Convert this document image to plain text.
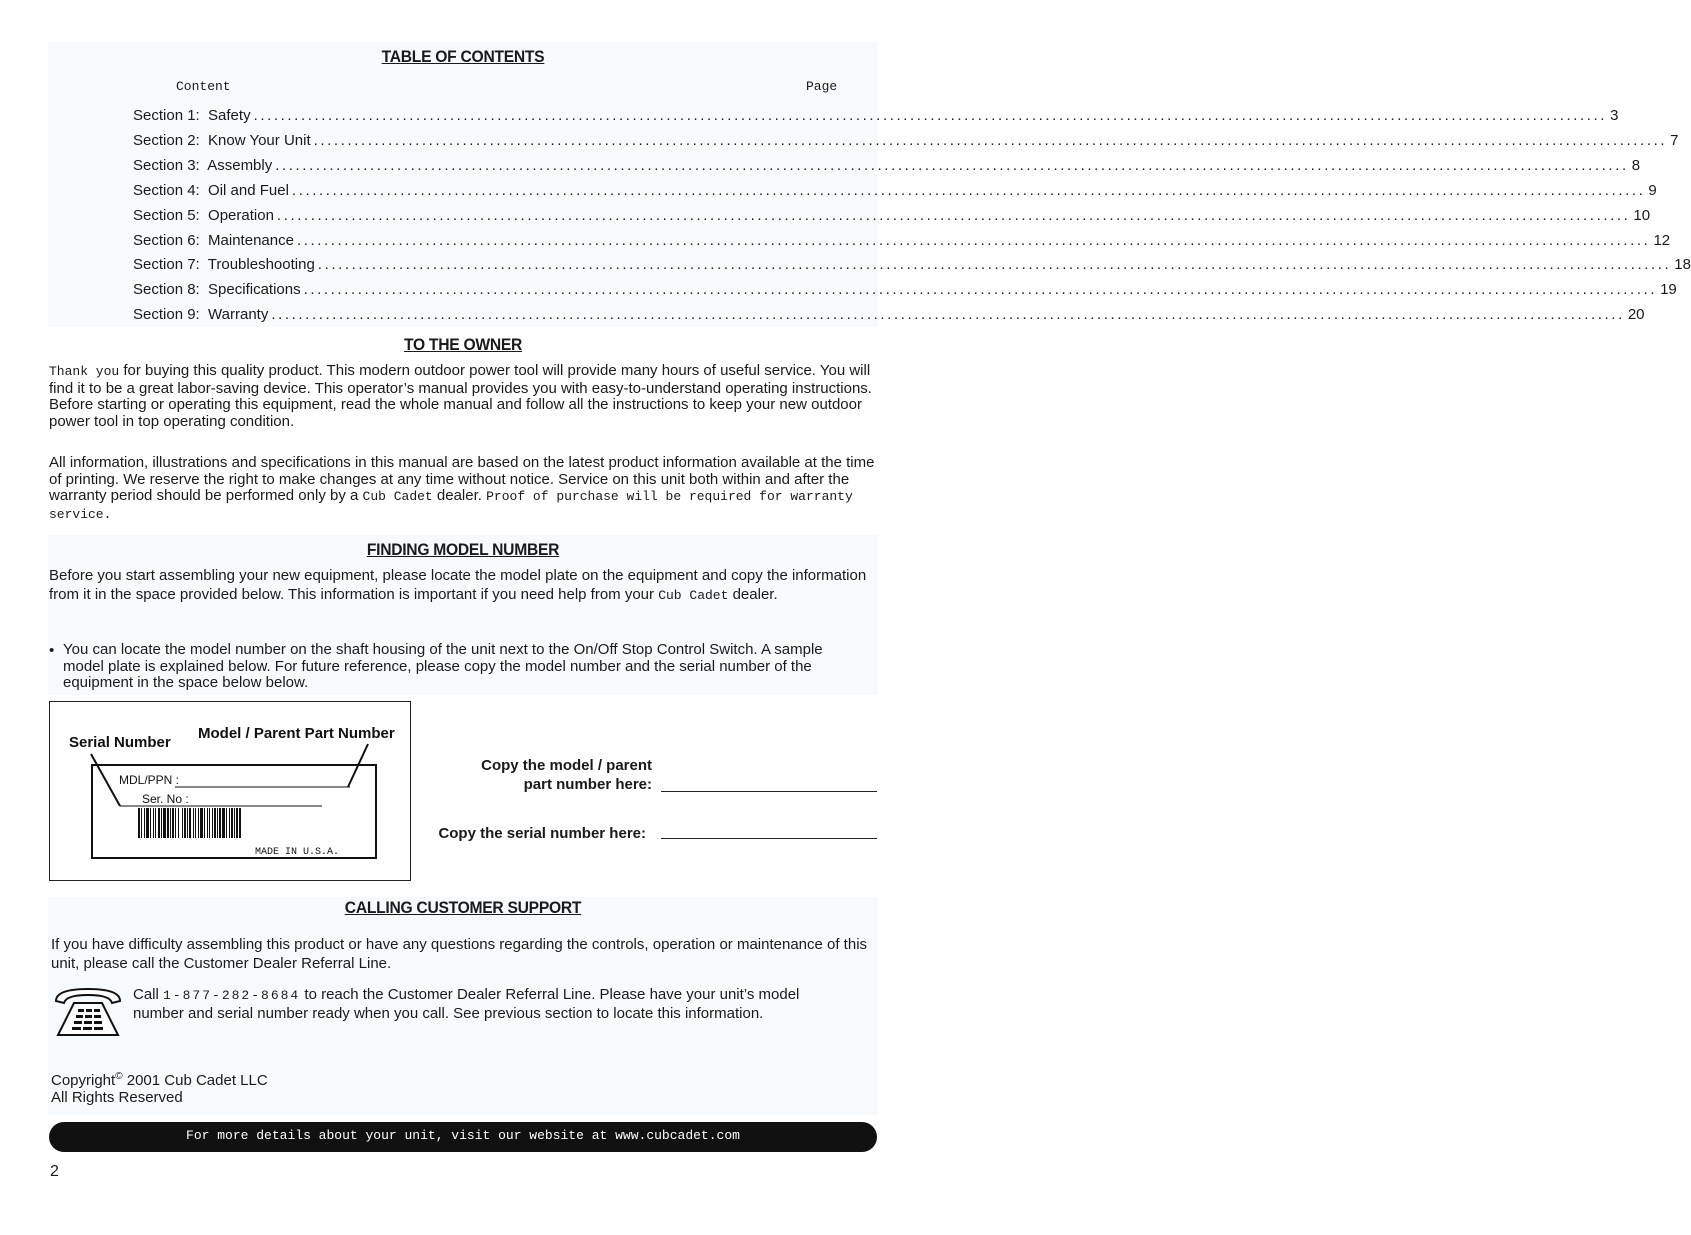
TABLE OF CONTENTS
Content	Page
Section 1:  Safety ........................................................................................................................................................................................................ 3
Section 2:  Know Your Unit ........................................................................................................................................................................................................ 7
Section 3:  Assembly ........................................................................................................................................................................................................ 8
Section 4:  Oil and Fuel ........................................................................................................................................................................................................ 9
Section 5:  Operation ........................................................................................................................................................................................................ 10
Section 6:  Maintenance ........................................................................................................................................................................................................ 12
Section 7:  Troubleshooting ........................................................................................................................................................................................................ 18
Section 8:  Specifications ........................................................................................................................................................................................................ 19
Section 9:  Warranty ........................................................................................................................................................................................................ 20
TO THE OWNER
Thank you for buying this quality product. This modern outdoor power tool will provide many hours of useful service. You will find it to be a great labor-saving device. This operator’s manual provides you with easy-to-understand operating instructions. Before starting or operating this equipment, read the whole manual and follow all the instructions to keep your new outdoor power tool in top operating condition.
All information, illustrations and specifications in this manual are based on the latest product information available at the time of printing. We reserve the right to make changes at any time without notice. Service on this unit both within and after the warranty period should be performed only by a Cub Cadet dealer. Proof of purchase will be required for warranty service.
FINDING MODEL NUMBER
Before you start assembling your new equipment, please locate the model plate on the equipment and copy the information from it in the space provided below. This information is important if you need help from your Cub Cadet dealer.
• You can locate the model number on the shaft housing of the unit next to the On/Off Stop Control Switch. A sample model plate is explained below. For future reference, please copy the model number and the serial number of the equipment in the space below below.
Serial Number
Model / Parent Part Number
MDL/PPN :
Ser. No :
MADE IN U.S.A.
Copy the model / parent
part number here:
Copy the serial number here:
CALLING CUSTOMER SUPPORT
If you have difficulty assembling this product or have any questions regarding the controls, operation or maintenance of this unit, please call the Customer Dealer Referral Line.
Call 1-877-282-8684 to reach the Customer Dealer Referral Line. Please have your unit’s model number and serial number ready when you call. See previous section to locate this information.
Copyright© 2001 Cub Cadet LLC
All Rights Reserved
For more details about your unit, visit our website at www.cubcadet.com
2
